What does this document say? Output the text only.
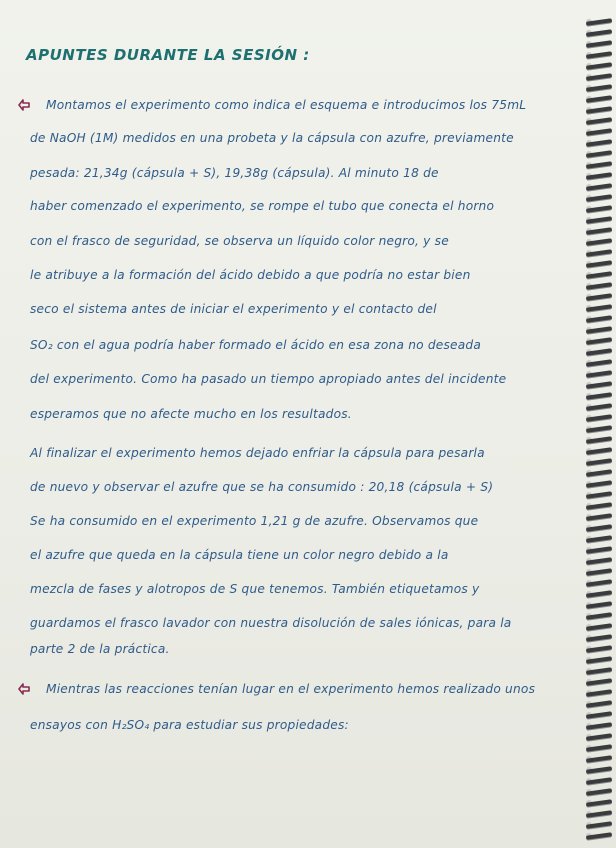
APUNTES DURANTE LA SESIÓN :
Montamos el experimento como indica el esquema e introducimos los 75mL
de NaOH (1M) medidos en una probeta y la cápsula con azufre, previamente
pesada: 21,34g (cápsula + S), 19,38g (cápsula). Al minuto 18 de
haber comenzado el experimento, se rompe el tubo que conecta el horno
con el frasco de seguridad, se observa un líquido color negro, y se
le atribuye a la formación del ácido debido a que podría no estar bien
seco el sistema antes de iniciar el experimento y el contacto del
SO₂ con el agua podría haber formado el ácido en esa zona no deseada
del experimento. Como ha pasado un tiempo apropiado antes del incidente
esperamos que no afecte mucho en los resultados.
Al finalizar el experimento hemos dejado enfriar la cápsula para pesarla
de nuevo y observar el azufre que se ha consumido : 20,18 (cápsula + S)
Se ha consumido en el experimento 1,21 g de azufre. Observamos que
el azufre que queda en la cápsula tiene un color negro debido a la
mezcla de fases y alotropos de S que tenemos. También etiquetamos y
guardamos el frasco lavador con nuestra disolución de sales iónicas, para la
parte 2 de la práctica.
Mientras las reacciones tenían lugar en el experimento hemos realizado unos
ensayos con H₂SO₄ para estudiar sus propiedades:
